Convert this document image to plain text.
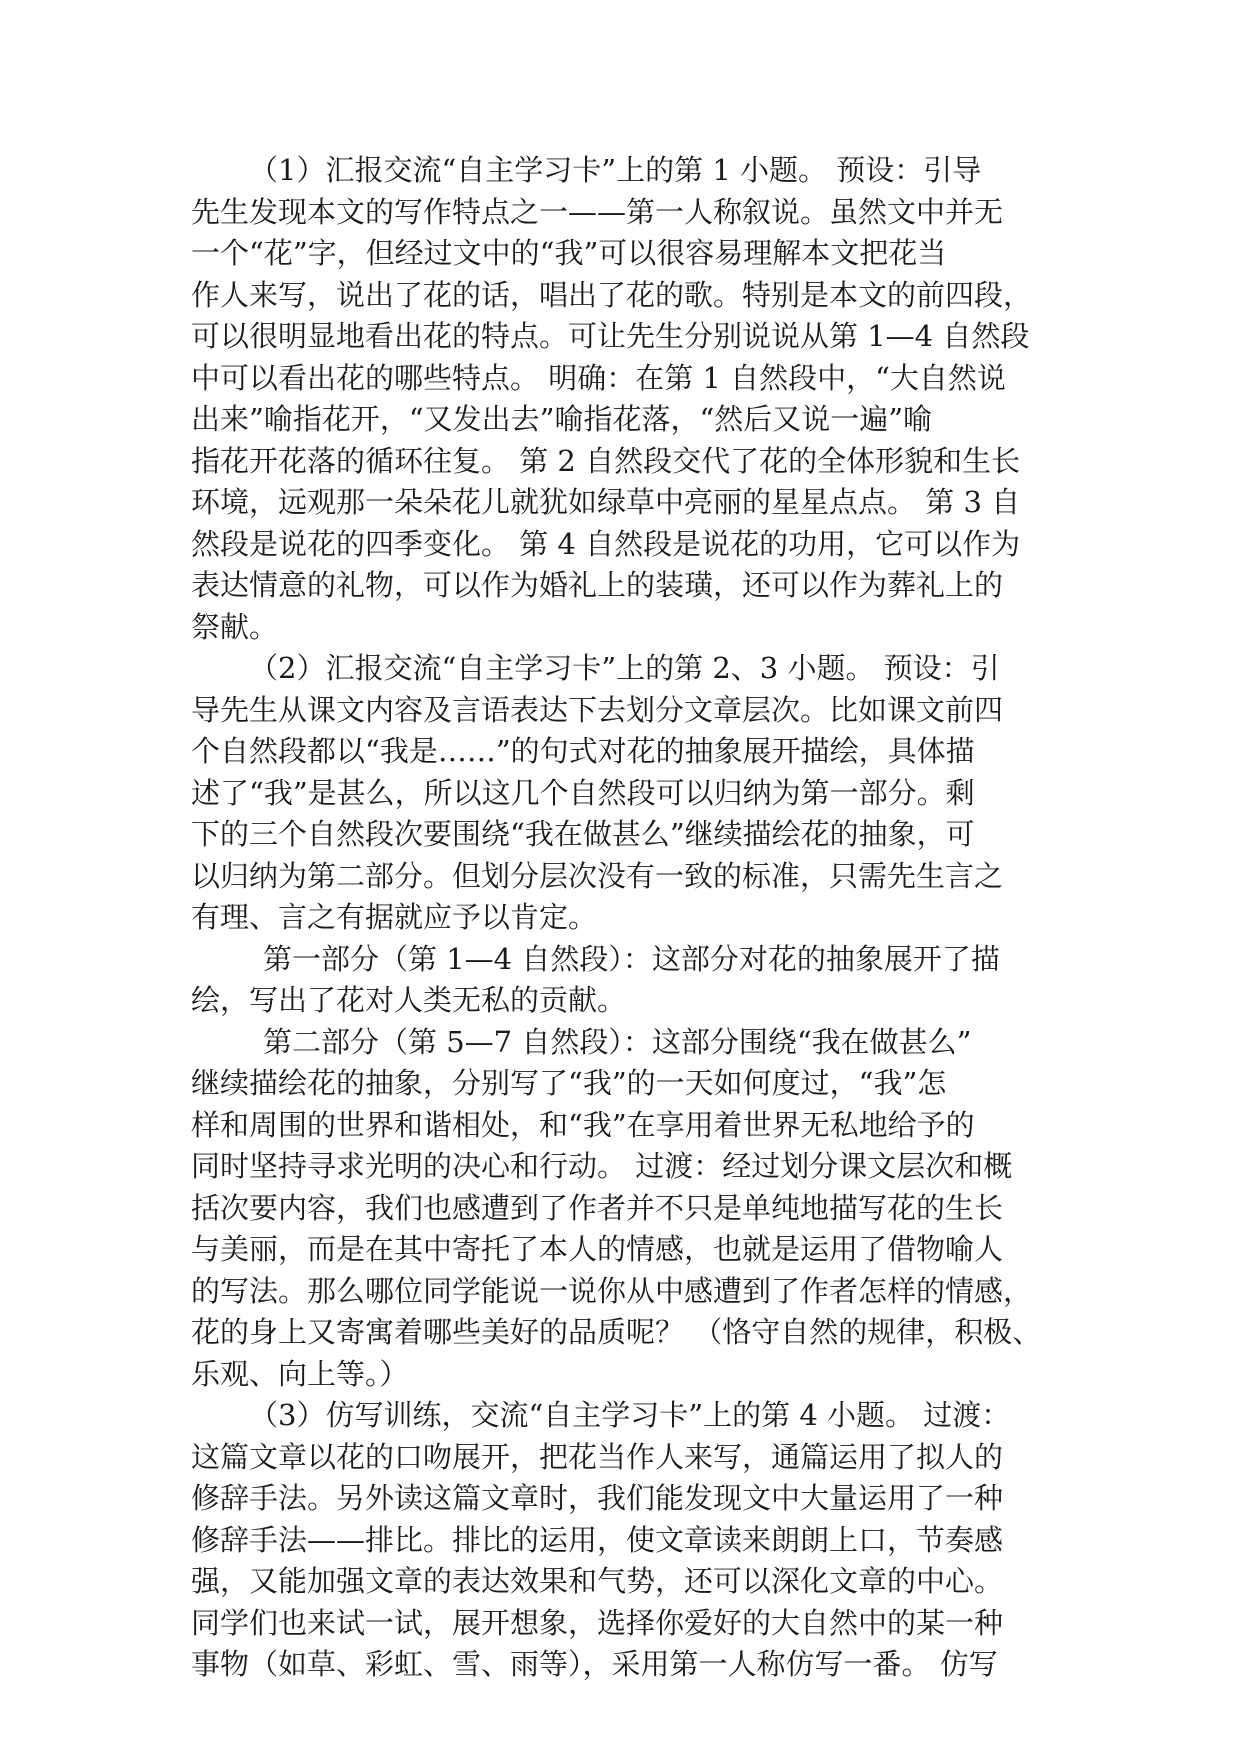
（1）汇报交流“自主学习卡”上的第 1 小题。 预设：引导
先生发现本文的写作特点之一——第一人称叙说。虽然文中并无
一个“花”字，但经过文中的“我”可以很容易理解本文把花当
作人来写，说出了花的话，唱出了花的歌。特别是本文的前四段，
可以很明显地看出花的特点。可让先生分别说说从第 1—4 自然段
中可以看出花的哪些特点。 明确：在第 1 自然段中，“大自然说
出来”喻指花开，“又发出去”喻指花落，“然后又说一遍”喻
指花开花落的循环往复。 第 2 自然段交代了花的全体形貌和生长
环境，远观那一朵朵花儿就犹如绿草中亮丽的星星点点。 第 3 自
然段是说花的四季变化。 第 4 自然段是说花的功用，它可以作为
表达情意的礼物，可以作为婚礼上的装璜，还可以作为葬礼上的
祭献。
（2）汇报交流“自主学习卡”上的第 2、3 小题。 预设：引
导先生从课文内容及言语表达下去划分文章层次。比如课文前四
个自然段都以“我是……”的句式对花的抽象展开描绘，具体描
述了“我”是甚么，所以这几个自然段可以归纳为第一部分。剩
下的三个自然段次要围绕“我在做甚么”继续描绘花的抽象，可
以归纳为第二部分。但划分层次没有一致的标准，只需先生言之
有理、言之有据就应予以肯定。
第一部分（第 1—4 自然段）：这部分对花的抽象展开了描
绘，写出了花对人类无私的贡献。
第二部分（第 5—7 自然段）：这部分围绕“我在做甚么”
继续描绘花的抽象，分别写了“我”的一天如何度过，“我”怎
样和周围的世界和谐相处，和“我”在享用着世界无私地给予的
同时坚持寻求光明的决心和行动。 过渡：经过划分课文层次和概
括次要内容，我们也感遭到了作者并不只是单纯地描写花的生长
与美丽，而是在其中寄托了本人的情感，也就是运用了借物喻人
的写法。那么哪位同学能说一说你从中感遭到了作者怎样的情感，
花的身上又寄寓着哪些美好的品质呢？ （恪守自然的规律，积极、
乐观、向上等。）
（3）仿写训练，交流“自主学习卡”上的第 4 小题。 过渡：
这篇文章以花的口吻展开，把花当作人来写，通篇运用了拟人的
修辞手法。另外读这篇文章时，我们能发现文中大量运用了一种
修辞手法——排比。排比的运用，使文章读来朗朗上口，节奏感
强，又能加强文章的表达效果和气势，还可以深化文章的中心。
同学们也来试一试，展开想象，选择你爱好的大自然中的某一种
事物（如草、彩虹、雪、雨等），采用第一人称仿写一番。 仿写
